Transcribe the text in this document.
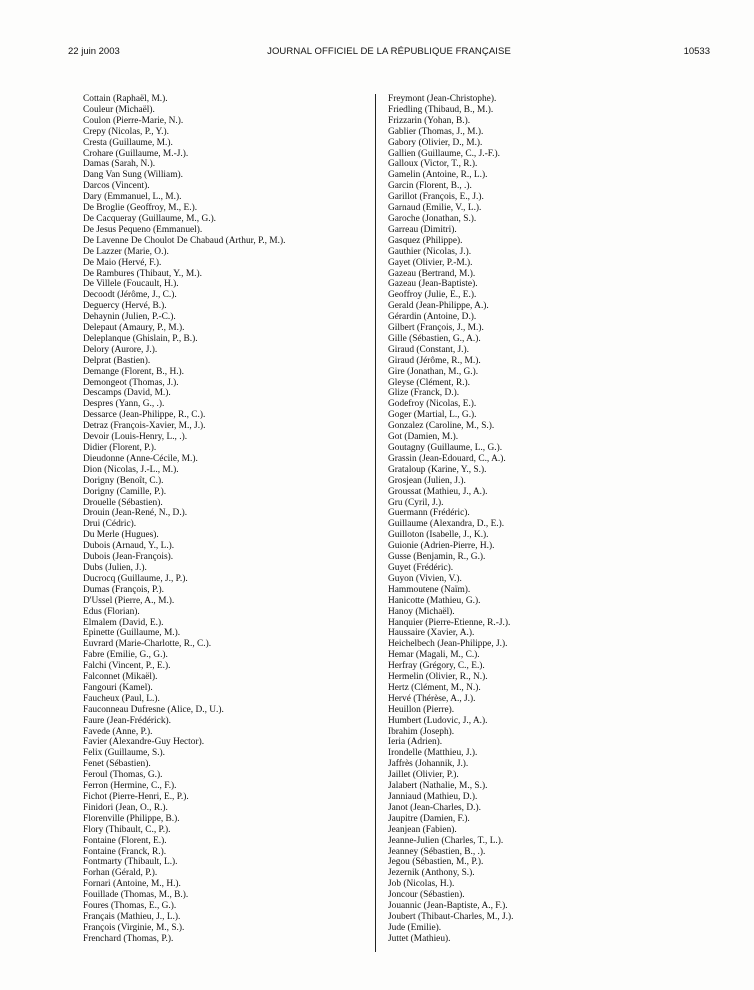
22 juin 2003	JOURNAL OFFICIEL DE LA RÉPUBLIQUE FRANÇAISE	10533
Cottain (Raphaël, M.).
Couleur (Michaël).
Coulon (Pierre-Marie, N.).
Crepy (Nicolas, P., Y.).
Cresta (Guillaume, M.).
Crohare (Guillaume, M.-J.).
Damas (Sarah, N.).
Dang Van Sung (William).
Darcos (Vincent).
Dary (Emmanuel, L., M.).
De Broglie (Geoffroy, M., E.).
De Cacqueray (Guillaume, M., G.).
De Jesus Pequeno (Emmanuel).
De Lavenne De Choulot De Chabaud (Arthur, P., M.).
De Lazzer (Marie, O.).
De Maio (Hervé, F.).
De Rambures (Thibaut, Y., M.).
De Villele (Foucault, H.).
Decoodt (Jérôme, J., C.).
Deguercy (Hervé, B.).
Dehaynin (Julien, P.-C.).
Delepaut (Amaury, P., M.).
Deleplanque (Ghislain, P., B.).
Delory (Aurore, J.).
Delprat (Bastien).
Demange (Florent, B., H.).
Demongeot (Thomas, J.).
Descamps (David, M.).
Despres (Yann, G., .).
Dessarce (Jean-Philippe, R., C.).
Detraz (François-Xavier, M., J.).
Devoir (Louis-Henry, L., .).
Didier (Florent, P.).
Dieudonne (Anne-Cécile, M.).
Dion (Nicolas, J.-L., M.).
Dorigny (Benoît, C.).
Dorigny (Camille, P.).
Drouelle (Sébastien).
Drouin (Jean-René, N., D.).
Drui (Cédric).
Du Merle (Hugues).
Dubois (Arnaud, Y., L.).
Dubois (Jean-François).
Dubs (Julien, J.).
Ducrocq (Guillaume, J., P.).
Dumas (François, P.).
D'Ussel (Pierre, A., M.).
Edus (Florian).
Elmalem (David, E.).
Epinette (Guillaume, M.).
Euvrard (Marie-Charlotte, R., C.).
Fabre (Emilie, G., G.).
Falchi (Vincent, P., E.).
Falconnet (Mikaël).
Fangouri (Kamel).
Faucheux (Paul, L.).
Fauconneau Dufresne (Alice, D., U.).
Faure (Jean-Frédérick).
Favede (Anne, P.).
Favier (Alexandre-Guy Hector).
Felix (Guillaume, S.).
Fenet (Sébastien).
Feroul (Thomas, G.).
Ferron (Hermine, C., F.).
Fichot (Pierre-Henri, E., P.).
Finidori (Jean, O., R.).
Florenville (Philippe, B.).
Flory (Thibault, C., P.).
Fontaine (Florent, E.).
Fontaine (Franck, R.).
Fontmarty (Thibault, L.).
Forhan (Gérald, P.).
Fornari (Antoine, M., H.).
Fouillade (Thomas, M., B.).
Foures (Thomas, E., G.).
Français (Mathieu, J., L.).
François (Virginie, M., S.).
Frenchard (Thomas, P.).
Freymont (Jean-Christophe).
Friedling (Thibaud, B., M.).
Frizzarin (Yohan, B.).
Gablier (Thomas, J., M.).
Gabory (Olivier, D., M.).
Gallien (Guillaume, C., J.-F.).
Galloux (Victor, T., R.).
Gamelin (Antoine, R., L.).
Garcin (Florent, B., .).
Garillot (François, E., J.).
Garnaud (Emilie, V., L.).
Garoche (Jonathan, S.).
Garreau (Dimitri).
Gasquez (Philippe).
Gauthier (Nicolas, J.).
Gayet (Olivier, P.-M.).
Gazeau (Bertrand, M.).
Gazeau (Jean-Baptiste).
Geoffroy (Julie, E., E.).
Gerald (Jean-Philippe, A.).
Gérardin (Antoine, D.).
Gilbert (François, J., M.).
Gille (Sébastien, G., A.).
Giraud (Constant, J.).
Giraud (Jérôme, R., M.).
Gire (Jonathan, M., G.).
Gleyse (Clément, R.).
Glize (Franck, D.).
Godefroy (Nicolas, E.).
Goger (Martial, L., G.).
Gonzalez (Caroline, M., S.).
Got (Damien, M.).
Goutagny (Guillaume, L., G.).
Grassin (Jean-Edouard, C., A.).
Grataloup (Karine, Y., S.).
Grosjean (Julien, J.).
Groussat (Mathieu, J., A.).
Gru (Cyril, J.).
Guermann (Frédéric).
Guillaume (Alexandra, D., E.).
Guilloton (Isabelle, J., K.).
Guionie (Adrien-Pierre, H.).
Gusse (Benjamin, R., G.).
Guyet (Frédéric).
Guyon (Vivien, V.).
Hammoutene (Naïm).
Hanicotte (Mathieu, G.).
Hanoy (Michaël).
Hanquier (Pierre-Etienne, R.-J.).
Haussaire (Xavier, A.).
Heichelbech (Jean-Philippe, J.).
Hemar (Magali, M., C.).
Herfray (Grégory, C., E.).
Hermelin (Olivier, R., N.).
Hertz (Clément, M., N.).
Hervé (Thérèse, A., J.).
Heuillon (Pierre).
Humbert (Ludovic, J., A.).
Ibrahim (Joseph).
Ieria (Adrien).
Irondelle (Matthieu, J.).
Jaffrès (Johannik, J.).
Jaillet (Olivier, P.).
Jalabert (Nathalie, M., S.).
Janniaud (Mathieu, D.).
Janot (Jean-Charles, D.).
Jaupitre (Damien, F.).
Jeanjean (Fabien).
Jeanne-Julien (Charles, T., L.).
Jeanney (Sébastien, B., .).
Jegou (Sébastien, M., P.).
Jezernik (Anthony, S.).
Job (Nicolas, H.).
Joncour (Sébastien).
Jouannic (Jean-Baptiste, A., F.).
Joubert (Thibaut-Charles, M., J.).
Jude (Emilie).
Juttet (Mathieu).
